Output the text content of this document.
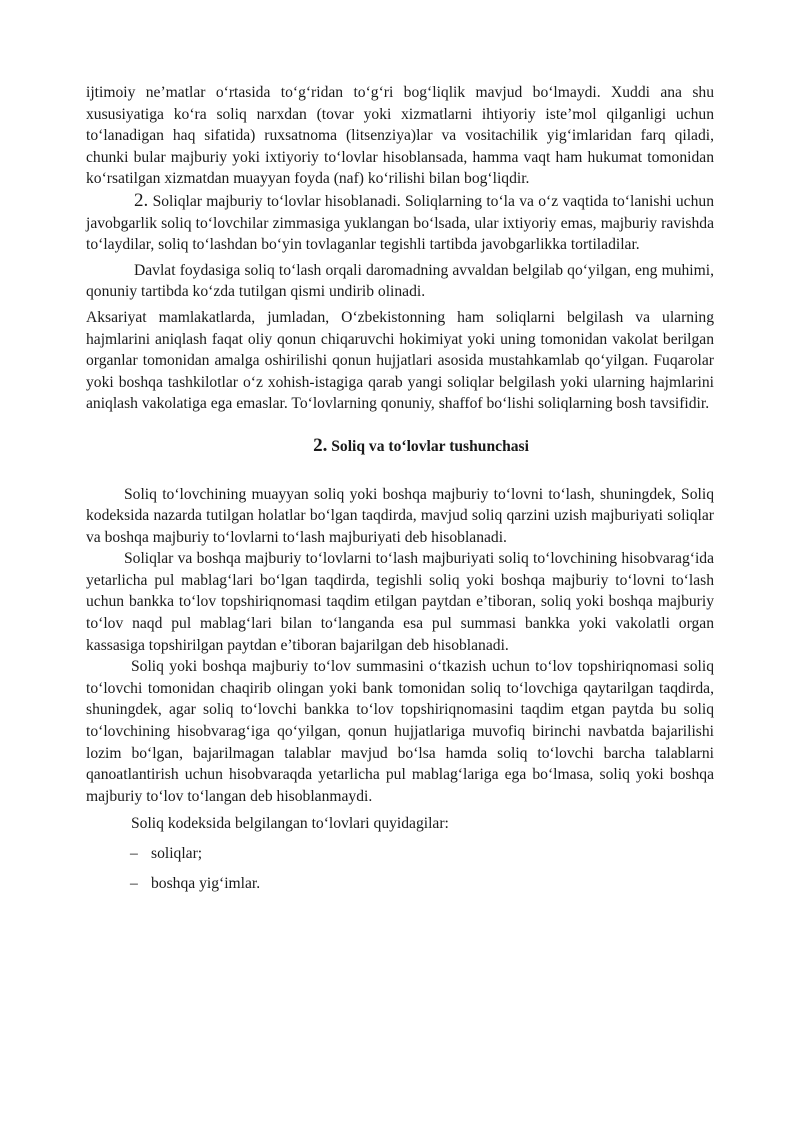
ijtimoiy ne’matlar o‘rtasida to‘g‘ridan to‘g‘ri bog‘liqlik mavjud bo‘lmaydi. Xuddi ana shu xususiyatiga ko‘ra soliq narxdan (tovar yoki xizmatlarni ihtiyoriy iste’mol qilganligi uchun to‘lanadigan haq sifatida) ruxsatnoma (litsenziya)lar va vositachilik yig‘imlaridan farq qiladi, chunki bular majburiy yoki ixtiyoriy to‘lovlar hisoblansada, hamma vaqt ham hukumat tomonidan ko‘rsatilgan xizmatdan muayyan foyda (naf) ko‘rilishi bilan bog‘liqdir.

2. Soliqlar majburiy to‘lovlar hisoblanadi. Soliqlarning to‘la va o‘z vaqtida to‘lanishi uchun javobgarlik soliq to‘lovchilar zimmasiga yuklangan bo‘lsada, ular ixtiyoriy emas, majburiy ravishda to‘laydilar, soliq to‘lashdan bo‘yin tovlaganlar tegishli tartibda javobgarlikka tortiladilar.

Davlat foydasiga soliq to‘lash orqali daromadning avvaldan belgilab qo‘yilgan, eng muhimi, qonuniy tartibda ko‘zda tutilgan qismi undirib olinadi.

Aksariyat mamlakatlarda, jumladan, O‘zbekistonning ham soliqlarni belgilash va ularning hajmlarini aniqlash faqat oliy qonun chiqaruvchi hokimiyat yoki uning tomonidan vakolat berilgan organlar tomonidan amalga oshirilishi qonun hujjatlari asosida mustahkamlab qo‘yilgan. Fuqarolar yoki boshqa tashkilotlar o‘z xohish-istagiga qarab yangi soliqlar belgilash yoki ularning hajmlarini aniqlash vakolatiga ega emaslar. To‘lovlarning qonuniy, shaffof bo‘lishi soliqlarning bosh tavsifidir.

2. Soliq va to‘lovlar tushunchasi

Soliq to‘lovchining muayyan soliq yoki boshqa majburiy to‘lovni to‘lash, shuningdek, Soliq kodeksida nazarda tutilgan holatlar bo‘lgan taqdirda, mavjud soliq qarzini uzish majburiyati soliqlar va boshqa majburiy to‘lovlarni to‘lash majburiyati deb hisoblanadi.

Soliqlar va boshqa majburiy to‘lovlarni to‘lash majburiyati soliq to‘lovchining hisobvarag‘ida yetarlicha pul mablag‘lari bo‘lgan taqdirda, tegishli soliq yoki boshqa majburiy to‘lovni to‘lash uchun bankka to‘lov topshiriqnomasi taqdim etilgan paytdan e’tiboran, soliq yoki boshqa majburiy to‘lov naqd pul mablag‘lari bilan to‘langanda esa pul summasi bankka yoki vakolatli organ kassasiga topshirilgan paytdan e’tiboran bajarilgan deb hisoblanadi.

Soliq yoki boshqa majburiy to‘lov summasini o‘tkazish uchun to‘lov topshiriqnomasi soliq to‘lovchi tomonidan chaqirib olingan yoki bank tomonidan soliq to‘lovchiga qaytarilgan taqdirda, shuningdek, agar soliq to‘lovchi bankka to‘lov topshiriqnomasini taqdim etgan paytda bu soliq to‘lovchining hisobvarag‘iga qo‘yilgan, qonun hujjatlariga muvofiq birinchi navbatda bajarilishi lozim bo‘lgan, bajarilmagan talablar mavjud bo‘lsa hamda soliq to‘lovchi barcha talablarni qanoatlantirish uchun hisobvaraqda yetarlicha pul mablag‘lariga ega bo‘lmasa, soliq yoki boshqa majburiy to‘lov to‘langan deb hisoblanmaydi.

Soliq kodeksida belgilangan to‘lovlari quyidagilar:

– soliqlar;
– boshqa yig‘imlar.
